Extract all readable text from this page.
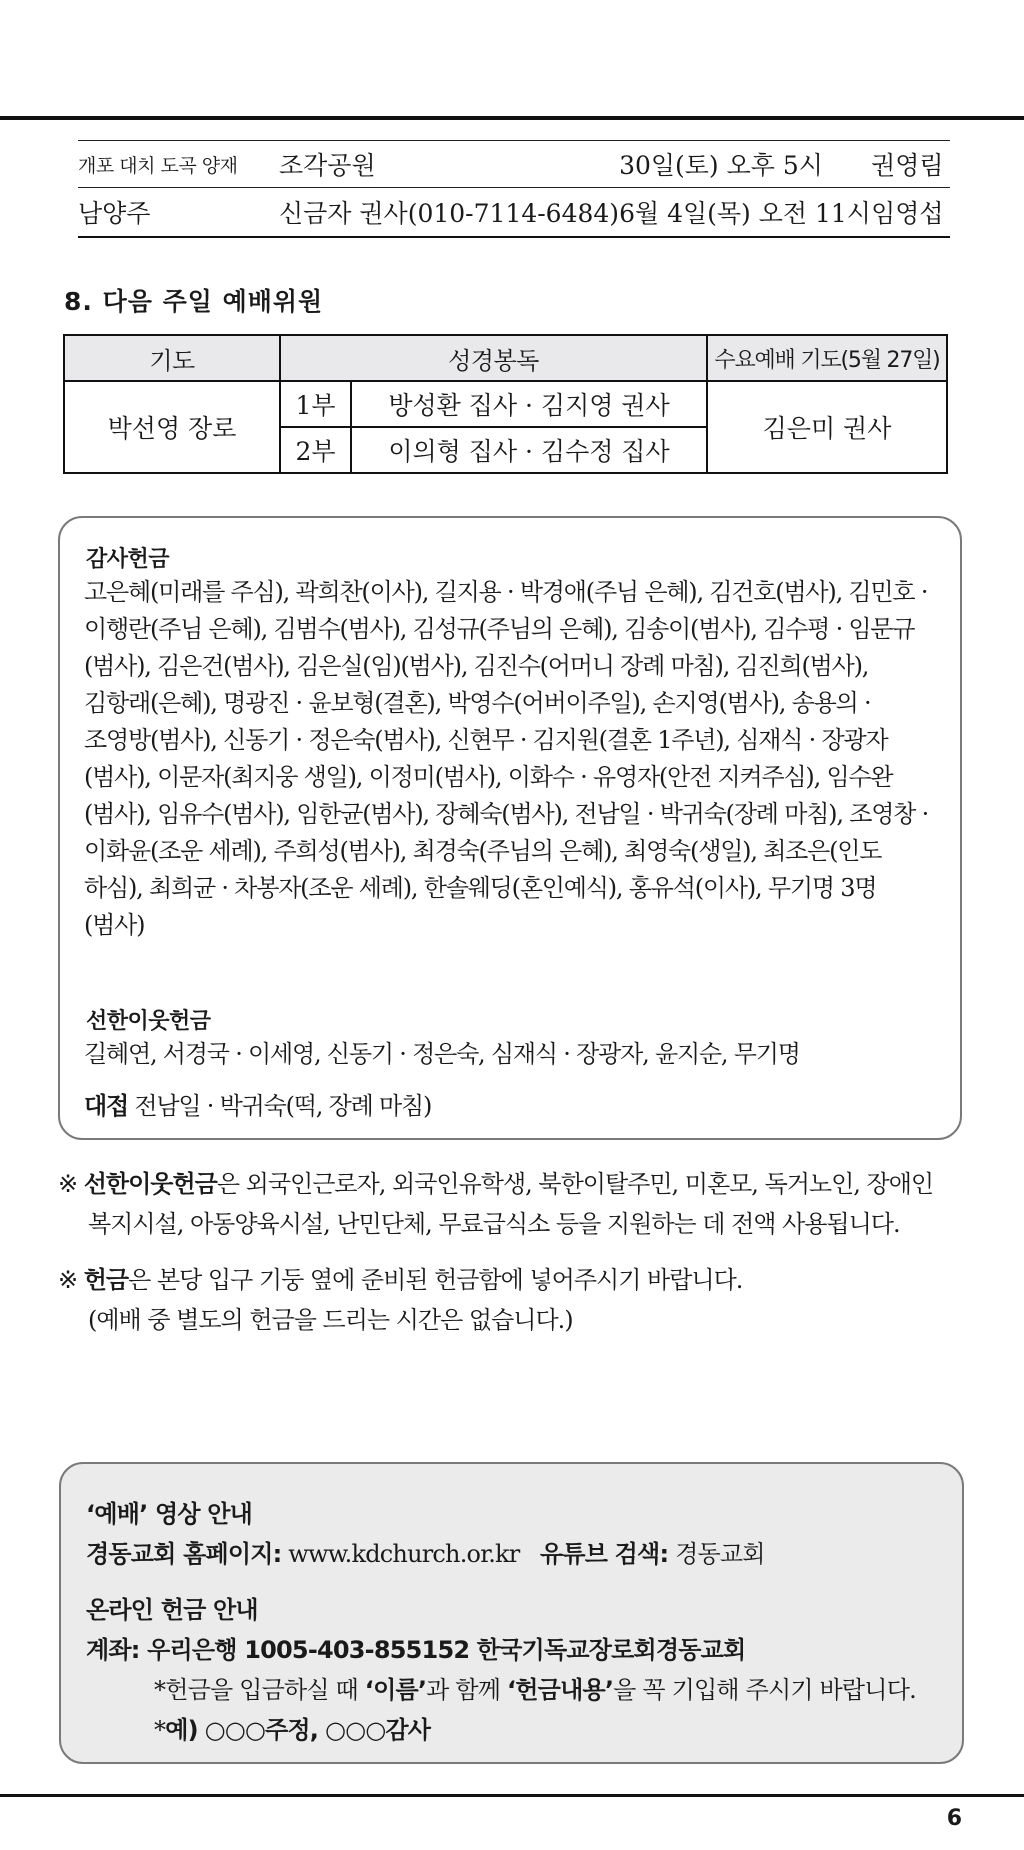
개포 대치 도곡 양재	조각공원	30일(토) 오후 5시	권영림
남양주	신금자 권사(010-7114-6484)	6월 4일(목) 오전 11시	임영섭
8. 다음 주일 예배위원
기도	성경봉독		수요예배 기도(5월 27일)
박선영 장로	1부	방성환 집사 · 김지영 권사	김은미 권사
	2부	이의형 집사 · 김수정 집사	
감사헌금
고은혜(미래를 주심), 곽희찬(이사), 길지용 · 박경애(주님 은혜), 김건호(범사), 김민호 ·
이행란(주님 은혜), 김범수(범사), 김성규(주님의 은혜), 김송이(범사), 김수평 · 임문규
(범사), 김은건(범사), 김은실(임)(범사), 김진수(어머니 장례 마침), 김진희(범사),
김항래(은혜), 명광진 · 윤보형(결혼), 박영수(어버이주일), 손지영(범사), 송용의 ·
조영방(범사), 신동기 · 정은숙(범사), 신현무 · 김지원(결혼 1주년), 심재식 · 장광자
(범사), 이문자(최지웅 생일), 이정미(범사), 이화수 · 유영자(안전 지켜주심), 임수완
(범사), 임유수(범사), 임한균(범사), 장혜숙(범사), 전남일 · 박귀숙(장례 마침), 조영창 ·
이화윤(조운 세례), 주희성(범사), 최경숙(주님의 은혜), 최영숙(생일), 최조은(인도
하심), 최희균 · 차봉자(조운 세례), 한솔웨딩(혼인예식), 홍유석(이사), 무기명 3명
(범사)
선한이웃헌금
길혜연, 서경국 · 이세영, 신동기 · 정은숙, 심재식 · 장광자, 윤지순, 무기명
대접 전남일 · 박귀숙(떡, 장례 마침)
※ 선한이웃헌금은 외국인근로자, 외국인유학생, 북한이탈주민, 미혼모, 독거노인, 장애인
복지시설, 아동양육시설, 난민단체, 무료급식소 등을 지원하는 데 전액 사용됩니다.
※ 헌금은 본당 입구 기둥 옆에 준비된 헌금함에 넣어주시기 바랍니다.
(예배 중 별도의 헌금을 드리는 시간은 없습니다.)
‘예배’ 영상 안내
경동교회 홈페이지: www.kdchurch.or.kr 유튜브 검색: 경동교회
온라인 헌금 안내
계좌: 우리은행 1005-403-855152 한국기독교장로회경동교회
*헌금을 입금하실 때 ‘이름’과 함께 ‘헌금내용’을 꼭 기입해 주시기 바랍니다.
*예) ○○○주정, ○○○감사
6
